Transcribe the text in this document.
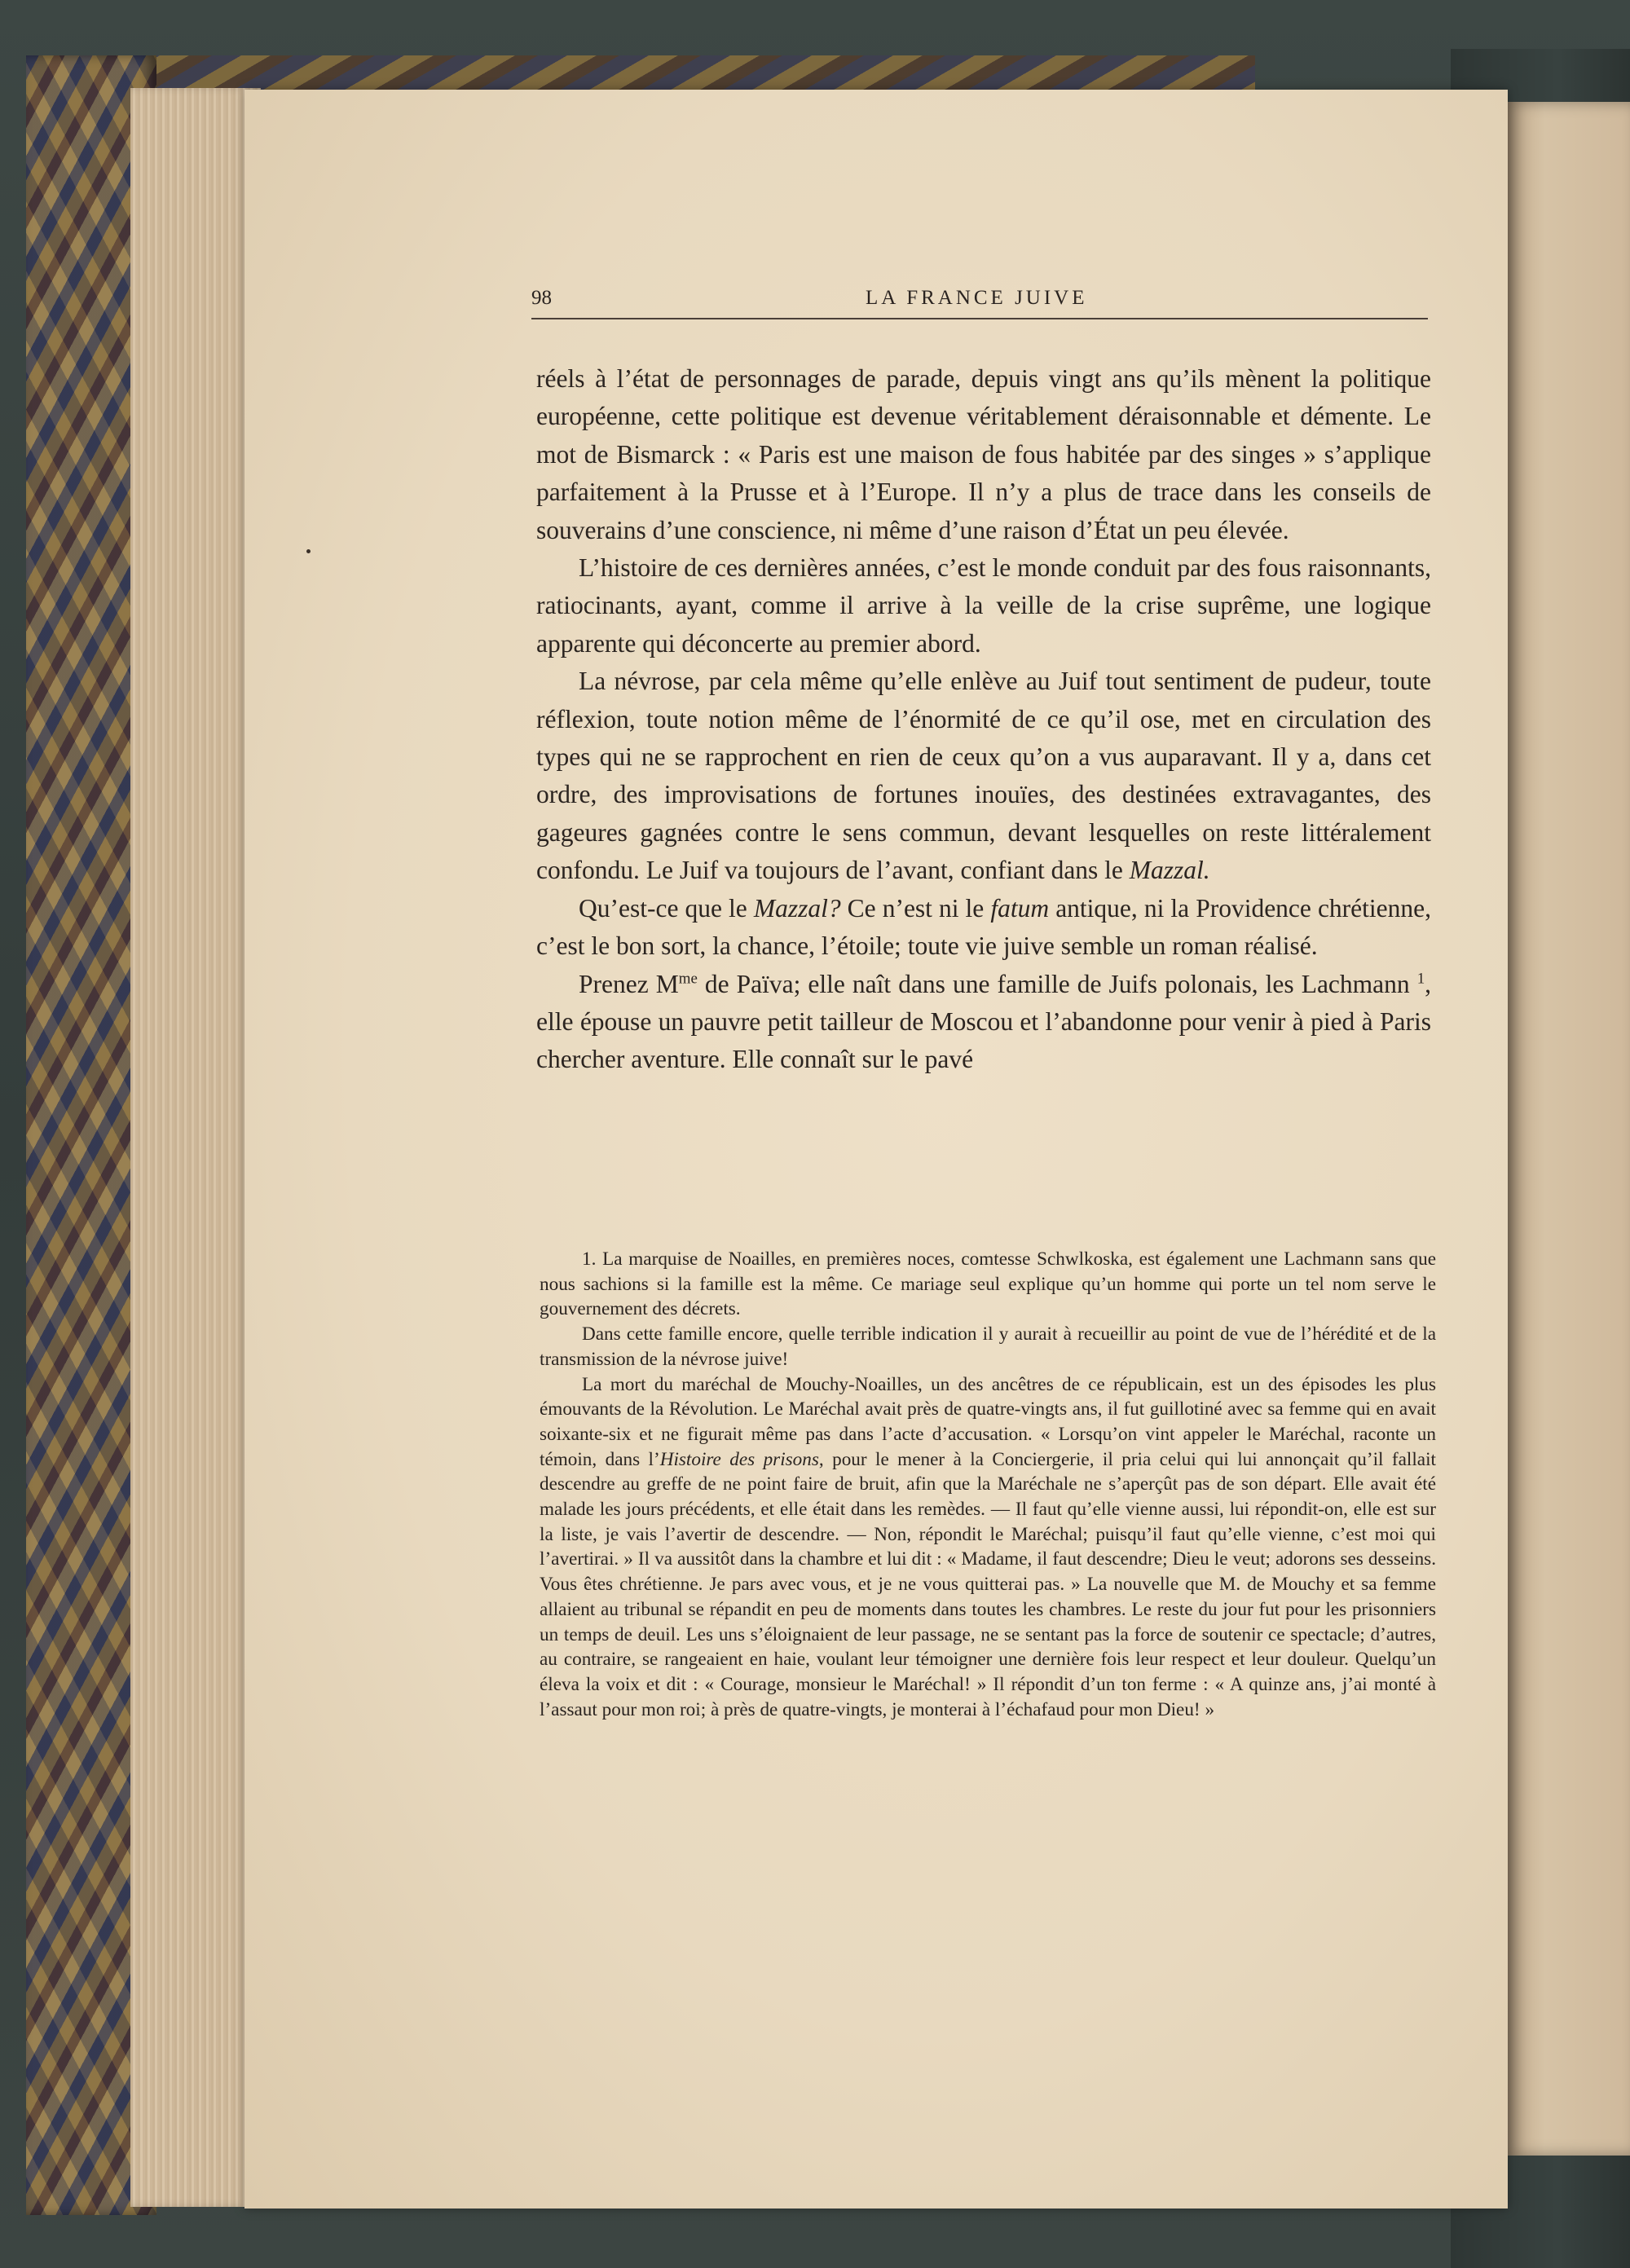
98	LA FRANCE JUIVE

réels à l’état de personnages de parade, depuis vingt ans qu’ils mènent la politique européenne, cette politique est devenue véritablement déraisonnable et démente. Le mot de Bismarck : « Paris est une maison de fous habitée par des singes » s’applique parfaitement à la Prusse et à l’Europe. Il n’y a plus de trace dans les conseils de souverains d’une conscience, ni même d’une raison d’État un peu élevée.

L’histoire de ces dernières années, c’est le monde conduit par des fous raisonnants, ratiocinants, ayant, comme il arrive à la veille de la crise suprême, une logique apparente qui déconcerte au premier abord.

La névrose, par cela même qu’elle enlève au Juif tout sentiment de pudeur, toute réflexion, toute notion même de l’énormité de ce qu’il ose, met en circulation des types qui ne se rapprochent en rien de ceux qu’on a vus auparavant. Il y a, dans cet ordre, des improvisations de fortunes inouïes, des destinées extravagantes, des gageures gagnées contre le sens commun, devant lesquelles on reste littéralement confondu. Le Juif va toujours de l’avant, confiant dans le Mazzal.

Qu’est-ce que le Mazzal? Ce n’est ni le fatum antique, ni la Providence chrétienne, c’est le bon sort, la chance, l’étoile; toute vie juive semble un roman réalisé.

Prenez $M^{me}$ de Païva; elle naît dans une famille de Juifs polonais, les Lachmann $^1$, elle épouse un pauvre petit tailleur de Moscou et l’abandonne pour venir à pied à Paris chercher aventure. Elle connaît sur le pavé

1. La marquise de Noailles, en premières noces, comtesse Schwlkoska, est également une Lachmann sans que nous sachions si la famille est la même. Ce mariage seul explique qu’un homme qui porte un tel nom serve le gouvernement des décrets.

Dans cette famille encore, quelle terrible indication il y aurait à recueillir au point de vue de l’hérédité et de la transmission de la névrose juive!

La mort du maréchal de Mouchy-Noailles, un des ancêtres de ce républicain, est un des épisodes les plus émouvants de la Révolution. Le Maréchal avait près de quatre-vingts ans, il fut guillotiné avec sa femme qui en avait soixante-six et ne figurait même pas dans l’acte d’accusation. « Lorsqu’on vint appeler le Maréchal, raconte un témoin, dans l’Histoire des prisons, pour le mener à la Conciergerie, il pria celui qui lui annonçait qu’il fallait descendre au greffe de ne point faire de bruit, afin que la Maréchale ne s’aperçût pas de son départ. Elle avait été malade les jours précédents, et elle était dans les remèdes. — Il faut qu’elle vienne aussi, lui répondit-on, elle est sur la liste, je vais l’avertir de descendre. — Non, répondit le Maréchal; puisqu’il faut qu’elle vienne, c’est moi qui l’avertirai. » Il va aussitôt dans la chambre et lui dit : « Madame, il faut descendre; Dieu le veut; adorons ses desseins. Vous êtes chrétienne. Je pars avec vous, et je ne vous quitterai pas. » La nouvelle que M. de Mouchy et sa femme allaient au tribunal se répandit en peu de moments dans toutes les chambres. Le reste du jour fut pour les prisonniers un temps de deuil. Les uns s’éloignaient de leur passage, ne se sentant pas la force de soutenir ce spectacle; d’autres, au contraire, se rangeaient en haie, voulant leur témoigner une dernière fois leur respect et leur douleur. Quelqu’un éleva la voix et dit : « Courage, monsieur le Maréchal! » Il répondit d’un ton ferme : « A quinze ans, j’ai monté à l’assaut pour mon roi; à près de quatre-vingts, je monterai à l’échafaud pour mon Dieu! »
